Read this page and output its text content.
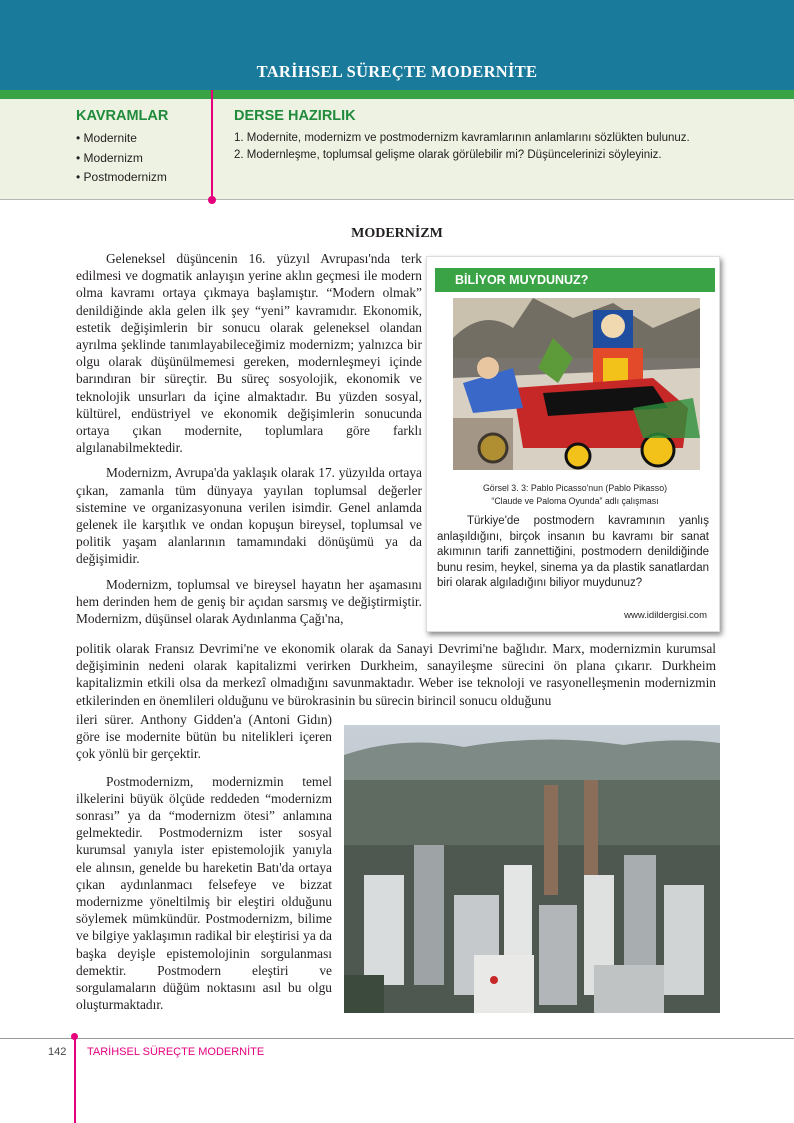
TARİHSEL SÜREÇTE MODERNİTE
KAVRAMLAR
• Modernite
• Modernizm
• Postmodernizm
DERSE HAZIRLIK
1. Modernite, modernizm ve postmodernizm kavramlarının anlamlarını sözlükten bulunuz.
2. Modernleşme, toplumsal gelişme olarak görülebilir mi? Düşüncelerinizi söyleyiniz.
MODERNİZM

Geleneksel düşüncenin 16. yüzyıl Avrupası'nda terk edilmesi ve dogmatik anlayışın yerine aklın geçmesi ile modern olma kavramı ortaya çıkmaya başlamıştır. “Modern olmak” denildiğinde akla gelen ilk şey “yeni” kavramıdır. Ekonomik, estetik değişimlerin bir sonucu olarak geleneksel olandan ayrılma şeklinde tanımlayabileceğimiz modernizm; yalnızca bir olgu olarak düşünülmemesi gereken, modernleşmeyi içinde barındıran bir süreçtir. Bu süreç sosyolojik, ekonomik ve teknolojik unsurları da içine almaktadır. Bu yüzden sosyal, kültürel, endüstriyel ve ekonomik değişimlerin sonucunda ortaya çıkan modernite, toplumlara göre farklı algılanabilmektedir.

Modernizm, Avrupa'da yaklaşık olarak 17. yüzyılda ortaya çıkan, zamanla tüm dünyaya yayılan toplumsal değerler sistemine ve organizasyonuna verilen isimdir. Genel anlamda gelenek ile karşıtlık ve ondan kopuşun bireysel, toplumsal ve politik yaşam alanlarının tamamındaki dönüşümü ya da değişimidir.

Modernizm, toplumsal ve bireysel hayatın her aşamasını hem derinden hem de geniş bir açıdan sarsmış ve değiştirmiştir. Modernizm, düşünsel olarak Aydınlanma Çağı'na,

politik olarak Fransız Devrimi'ne ve ekonomik olarak da Sanayi Devrimi'ne bağlıdır. Marx, modernizmin kurumsal değişiminin nedeni olarak kapitalizmi verirken Durkheim, sanayileşme sürecini ön plana çıkarır. Durkheim kapitalizmin etkili olsa da merkezî olmadığını savunmaktadır. Weber ise teknoloji ve rasyonelleşmenin modernizmin etkilerinden en önemlileri olduğunu ve bürokrasinin bu sürecin birincil sonucu olduğunu
ileri sürer. Anthony Gidden'a (Antoni Gidın) göre ise modernite bütün bu nitelikleri içeren çok yönlü bir gerçektir.

Postmodernizm, modernizmin temel ilkelerini büyük ölçüde reddeden “modernizm sonrası” ya da “modernizm ötesi” anlamına gelmektedir. Postmodernizm ister sosyal kurumsal yanıyla ister epistemolojik yanıyla ele alınsın, genelde bu hareketin Batı'da ortaya çıkan aydınlanmacı felsefeye ve bizzat modernizme yöneltilmiş bir eleştiri olduğunu söylemek mümkündür. Postmodernizm, bilime ve bilgiye yaklaşımın radikal bir eleştirisi ya da başka deyişle epistemolojinin sorgulanması demektir. Postmodern eleştiri ve sorgulamaların düğüm noktasını asıl bu olgu oluşturmaktadır.

BİLİYOR MUYDUNUZ?
Görsel 3. 3: Pablo Picasso'nun (Pablo Pikasso)
“Claude ve Paloma Oyunda” adlı çalışması
Türkiye'de postmodern kavramının yanlış anlaşıldığını, birçok insanın bu kavramı bir sanat akımının tarifi zannettiğini, postmodern denildiğinde bunu resim, heykel, sinema ya da plastik sanatlardan biri olarak algıladığını biliyor muydunuz?
www.idildergisi.com
142 TARİHSEL SÜREÇTE MODERNİTE
